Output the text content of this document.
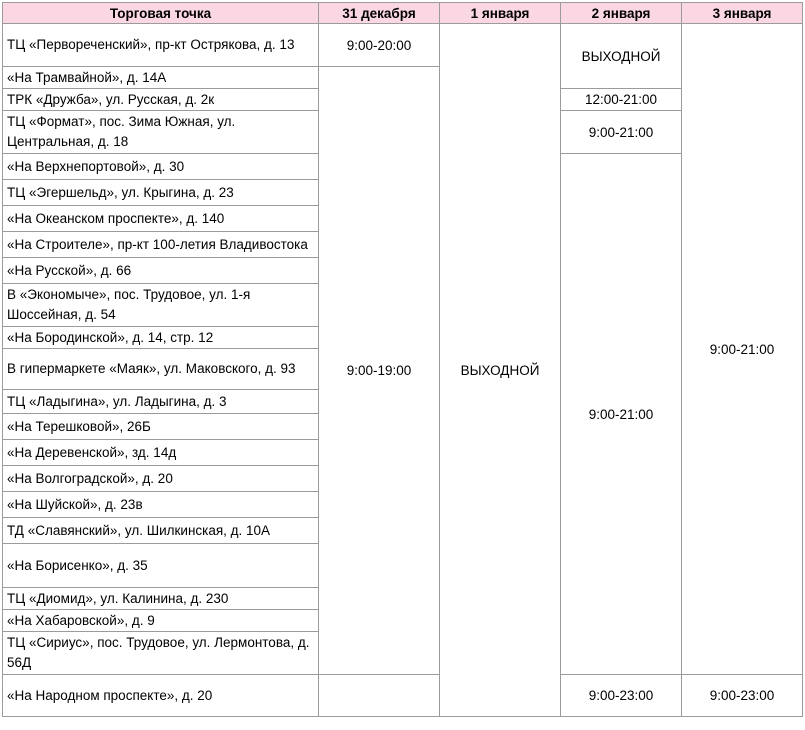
Торговая точка	31 декабря	1 января	2 января	3 января
ТЦ «Первореченский», пр-кт Острякова, д. 13	9:00-20:00	ВЫХОДНОЙ	ВЫХОДНОЙ	9:00-21:00
«На Трамвайной», д. 14А	9:00-19:00			
ТРК «Дружба», ул. Русская, д. 2к			12:00-21:00	
ТЦ «Формат», пос. Зима Южная, ул. Центральная, д. 18			9:00-21:00	
«На Верхнепортовой», д. 30			9:00-21:00	
ТЦ «Эгершельд», ул. Крыгина, д. 23				
«На Океанском проспекте», д. 140				
«На Строителе», пр-кт 100-летия Владивостока				
«На Русской», д. 66				
В «Экономыче», пос. Трудовое, ул. 1-я Шоссейная, д. 54				
«На Бородинской», д. 14, стр. 12				
В гипермаркете «Маяк», ул. Маковского, д. 93				
ТЦ «Ладыгина», ул. Ладыгина, д. 3				
«На Терешковой», 26Б				
«На Деревенской», зд. 14д				
«На Волгоградской», д. 20				
«На Шуйской», д. 23в				
ТД «Славянский», ул. Шилкинская, д. 10А				
«На Борисенко», д. 35				
ТЦ «Диомид», ул. Калинина, д. 230				
«На Хабаровской», д. 9				
ТЦ «Сириус», пос. Трудовое, ул. Лермонтова, д. 56Д				
«На Народном проспекте», д. 20			9:00-23:00	9:00-23:00
